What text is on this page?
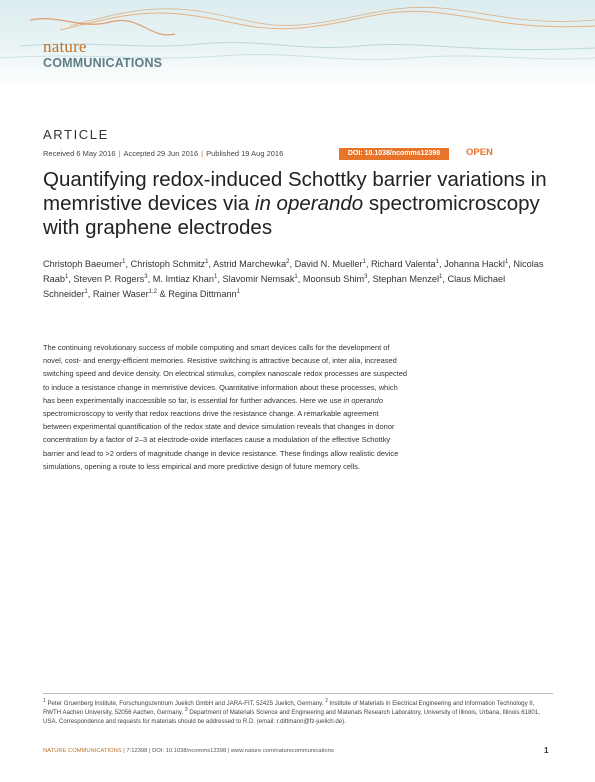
nature
COMMUNICATIONS
ARTICLE
Received 6 May 2016 | Accepted 29 Jun 2016 | Published 19 Aug 2016	DOI: 10.1038/ncomms12398	OPEN
Quantifying redox-induced Schottky barrier variations in memristive devices via in operando spectromicroscopy with graphene electrodes
Christoph Baeumer$^1$, Christoph Schmitz$^1$, Astrid Marchewka$^2$, David N. Mueller$^1$, Richard Valenta$^1$, Johanna Hackl$^1$, Nicolas Raab$^1$, Steven P. Rogers$^3$, M. Imtiaz Khan$^1$, Slavomir Nemsak$^1$, Moonsub Shim$^3$, Stephan Menzel$^1$, Claus Michael Schneider$^1$, Rainer Waser$^{1,2}$ & Regina Dittmann$^1$
The continuing revolutionary success of mobile computing and smart devices calls for the development of novel, cost- and energy-efficient memories. Resistive switching is attractive because of, inter alia, increased switching speed and device density. On electrical stimulus, complex nanoscale redox processes are suspected to induce a resistance change in memristive devices. Quantitative information about these processes, which has been experimentally inaccessible so far, is essential for further advances. Here we use in operando spectromicroscopy to verify that redox reactions drive the resistance change. A remarkable agreement between experimental quantification of the redox state and device simulation reveals that changes in donor concentration by a factor of 2–3 at electrode-oxide interfaces cause a modulation of the effective Schottky barrier and lead to >2 orders of magnitude change in device resistance. These findings allow realistic device simulations, opening a route to less empirical and more predictive design of future memory cells.
$^1$ Peter Gruenberg Institute, Forschungszentrum Juelich GmbH and JARA-FIT, 52425 Juelich, Germany. $^2$ Institute of Materials in Electrical Engineering and Information Technology II, RWTH Aachen University, 52056 Aachen, Germany. $^3$ Department of Materials Science and Engineering and Materials Research Laboratory, University of Illinois, Urbana, Illinois 61801, USA. Correspondence and requests for materials should be addressed to R.D. (email: r.dittmann@fz-juelich.de).
NATURE COMMUNICATIONS | 7:12398 | DOI: 10.1038/ncomms12398 | www.nature.com/naturecommunications	1
